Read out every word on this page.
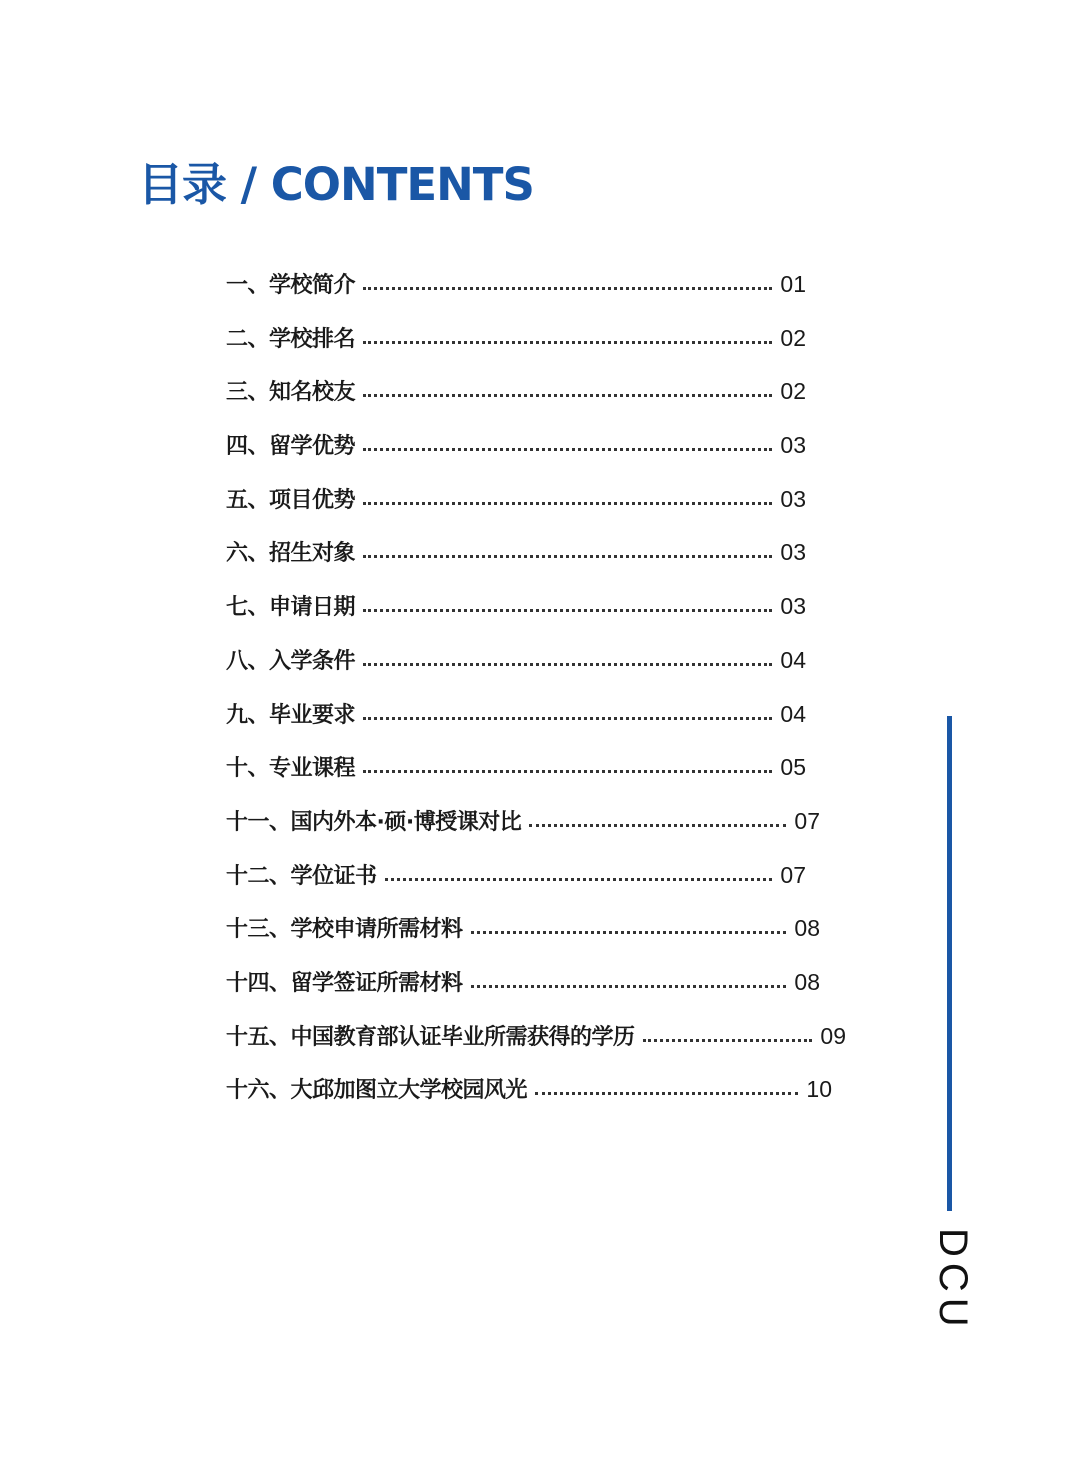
目录 / CONTENTS
一、学校简介	01
二、学校排名	02
三、知名校友	02
四、留学优势	03
五、项目优势	03
六、招生对象	03
七、申请日期	03
八、入学条件	04
九、毕业要求	04
十、专业课程	05
十一、国内外本·硕·博授课对比	07
十二、学位证书	07
十三、学校申请所需材料	08
十四、留学签证所需材料	08
十五、中国教育部认证毕业所需获得的学历	09
十六、大邱加图立大学校园风光	10
DCU
